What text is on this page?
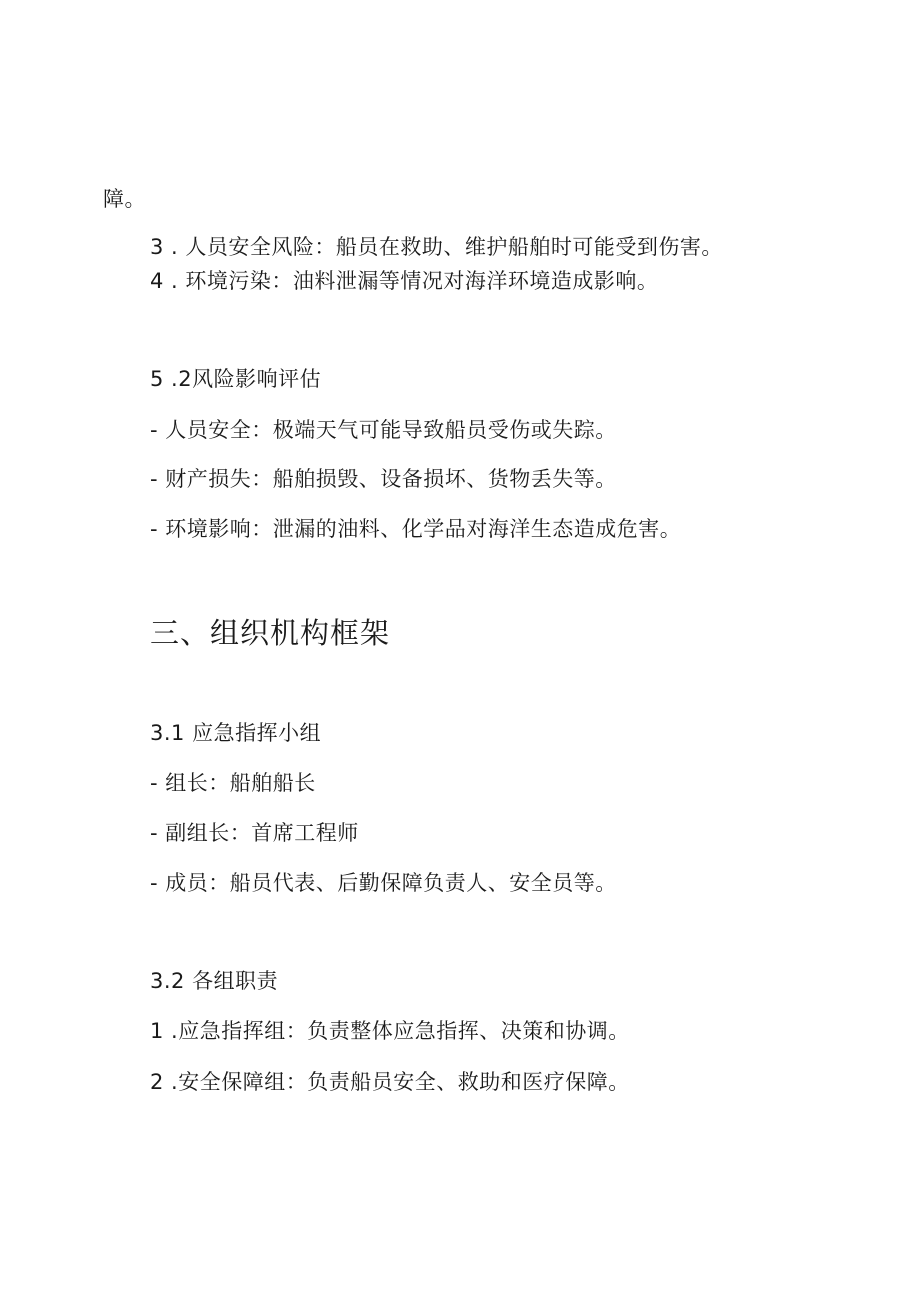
障。
3 . 人员安全风险：船员在救助、维护船舶时可能受到伤害。
4 . 环境污染：油料泄漏等情况对海洋环境造成影响。
5 .2风险影响评估
- 人员安全：极端天气可能导致船员受伤或失踪。
- 财产损失：船舶损毁、设备损坏、货物丢失等。
- 环境影响：泄漏的油料、化学品对海洋生态造成危害。
三、组织机构框架
3.1 应急指挥小组
- 组长：船舶船长
- 副组长：首席工程师
- 成员：船员代表、后勤保障负责人、安全员等。
3.2 各组职责
1 .应急指挥组：负责整体应急指挥、决策和协调。
2 .安全保障组：负责船员安全、救助和医疗保障。
